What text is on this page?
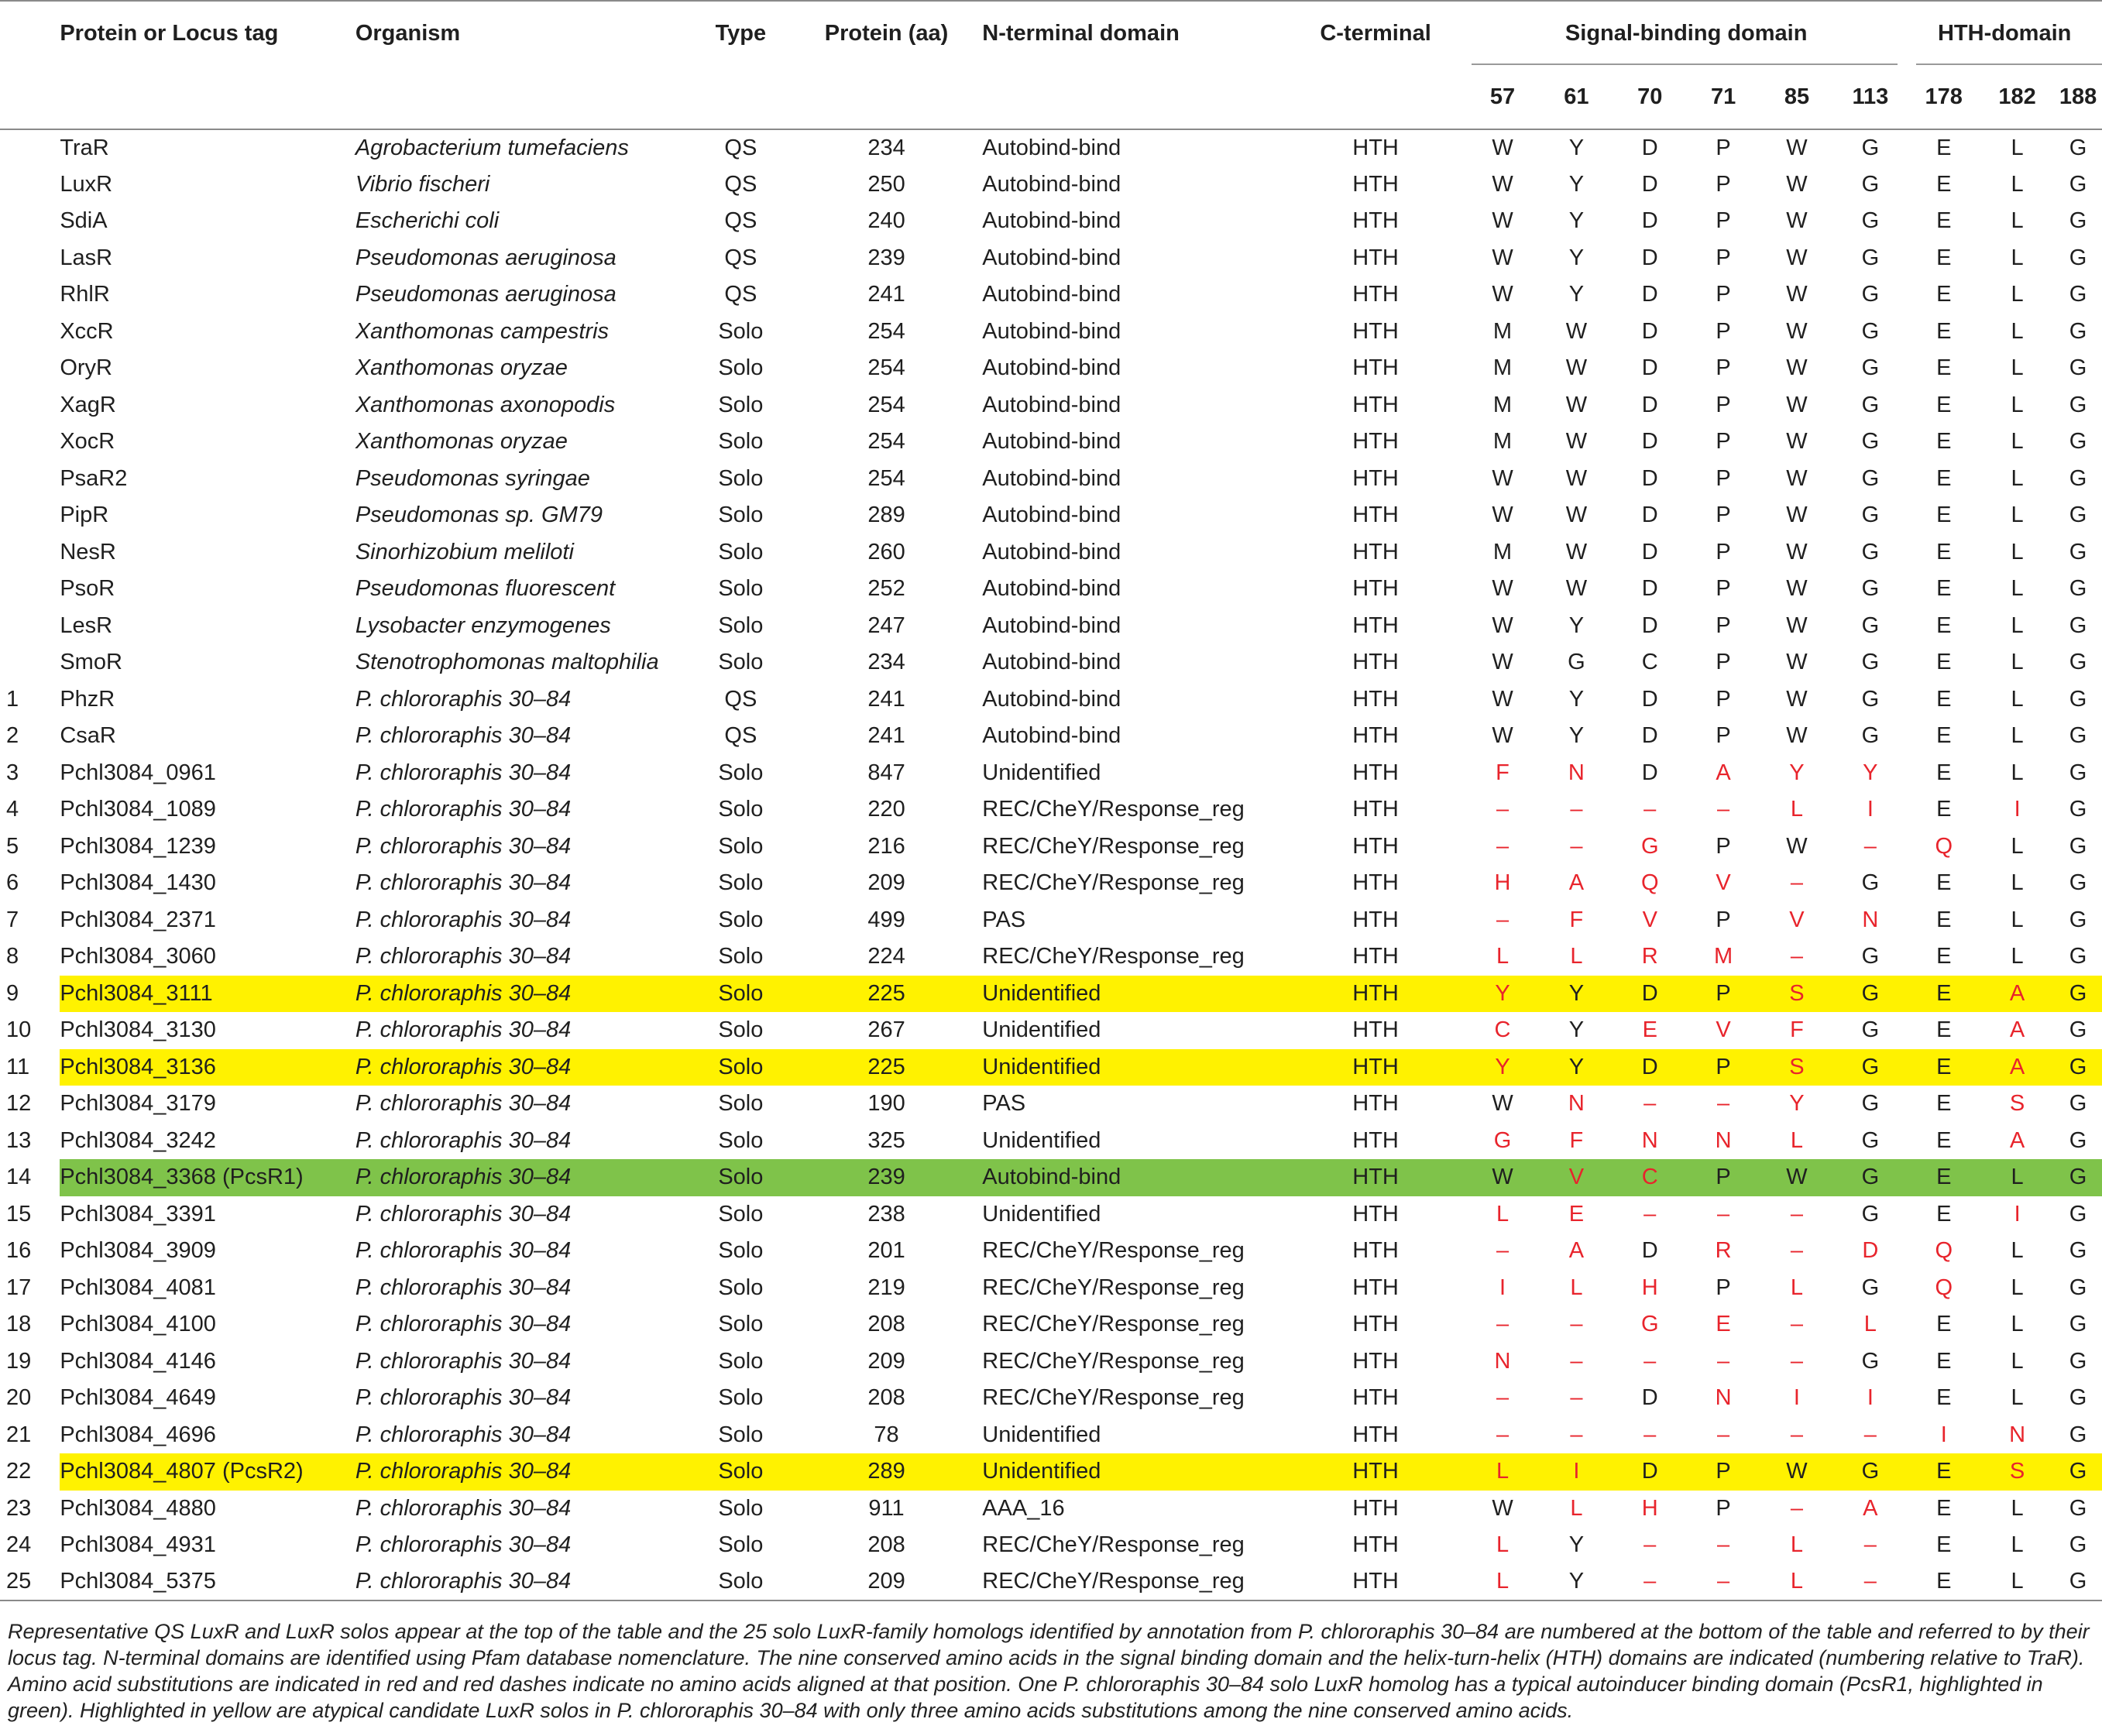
	Protein or Locus tag	Organism	Type	Protein (aa)	N-terminal domain	C-terminal	Signal-binding domain						HTH-domain		
							57	61	70	71	85	113	178	182	188
	TraR	Agrobacterium tumefaciens	QS	234	Autobind-bind	HTH	W	Y	D	P	W	G	E	L	G
	LuxR	Vibrio fischeri	QS	250	Autobind-bind	HTH	W	Y	D	P	W	G	E	L	G
	SdiA	Escherichi coli	QS	240	Autobind-bind	HTH	W	Y	D	P	W	G	E	L	G
	LasR	Pseudomonas aeruginosa	QS	239	Autobind-bind	HTH	W	Y	D	P	W	G	E	L	G
	RhlR	Pseudomonas aeruginosa	QS	241	Autobind-bind	HTH	W	Y	D	P	W	G	E	L	G
	XccR	Xanthomonas campestris	Solo	254	Autobind-bind	HTH	M	W	D	P	W	G	E	L	G
	OryR	Xanthomonas oryzae	Solo	254	Autobind-bind	HTH	M	W	D	P	W	G	E	L	G
	XagR	Xanthomonas axonopodis	Solo	254	Autobind-bind	HTH	M	W	D	P	W	G	E	L	G
	XocR	Xanthomonas oryzae	Solo	254	Autobind-bind	HTH	M	W	D	P	W	G	E	L	G
	PsaR2	Pseudomonas syringae	Solo	254	Autobind-bind	HTH	W	W	D	P	W	G	E	L	G
	PipR	Pseudomonas sp. GM79	Solo	289	Autobind-bind	HTH	W	W	D	P	W	G	E	L	G
	NesR	Sinorhizobium meliloti	Solo	260	Autobind-bind	HTH	M	W	D	P	W	G	E	L	G
	PsoR	Pseudomonas fluorescent	Solo	252	Autobind-bind	HTH	W	W	D	P	W	G	E	L	G
	LesR	Lysobacter enzymogenes	Solo	247	Autobind-bind	HTH	W	Y	D	P	W	G	E	L	G
	SmoR	Stenotrophomonas maltophilia	Solo	234	Autobind-bind	HTH	W	G	C	P	W	G	E	L	G
1	PhzR	P. chlororaphis 30–84	QS	241	Autobind-bind	HTH	W	Y	D	P	W	G	E	L	G
2	CsaR	P. chlororaphis 30–84	QS	241	Autobind-bind	HTH	W	Y	D	P	W	G	E	L	G
3	Pchl3084_0961	P. chlororaphis 30–84	Solo	847	Unidentified	HTH	F	N	D	A	Y	Y	E	L	G
4	Pchl3084_1089	P. chlororaphis 30–84	Solo	220	REC/CheY/Response_reg	HTH	–	–	–	–	L	I	E	I	G
5	Pchl3084_1239	P. chlororaphis 30–84	Solo	216	REC/CheY/Response_reg	HTH	–	–	G	P	W	–	Q	L	G
6	Pchl3084_1430	P. chlororaphis 30–84	Solo	209	REC/CheY/Response_reg	HTH	H	A	Q	V	–	G	E	L	G
7	Pchl3084_2371	P. chlororaphis 30–84	Solo	499	PAS	HTH	–	F	V	P	V	N	E	L	G
8	Pchl3084_3060	P. chlororaphis 30–84	Solo	224	REC/CheY/Response_reg	HTH	L	L	R	M	–	G	E	L	G
9	Pchl3084_3111	P. chlororaphis 30–84	Solo	225	Unidentified	HTH	Y	Y	D	P	S	G	E	A	G
10	Pchl3084_3130	P. chlororaphis 30–84	Solo	267	Unidentified	HTH	C	Y	E	V	F	G	E	A	G
11	Pchl3084_3136	P. chlororaphis 30–84	Solo	225	Unidentified	HTH	Y	Y	D	P	S	G	E	A	G
12	Pchl3084_3179	P. chlororaphis 30–84	Solo	190	PAS	HTH	W	N	–	–	Y	G	E	S	G
13	Pchl3084_3242	P. chlororaphis 30–84	Solo	325	Unidentified	HTH	G	F	N	N	L	G	E	A	G
14	Pchl3084_3368 (PcsR1)	P. chlororaphis 30–84	Solo	239	Autobind-bind	HTH	W	V	C	P	W	G	E	L	G
15	Pchl3084_3391	P. chlororaphis 30–84	Solo	238	Unidentified	HTH	L	E	–	–	–	G	E	I	G
16	Pchl3084_3909	P. chlororaphis 30–84	Solo	201	REC/CheY/Response_reg	HTH	–	A	D	R	–	D	Q	L	G
17	Pchl3084_4081	P. chlororaphis 30–84	Solo	219	REC/CheY/Response_reg	HTH	I	L	H	P	L	G	Q	L	G
18	Pchl3084_4100	P. chlororaphis 30–84	Solo	208	REC/CheY/Response_reg	HTH	–	–	G	E	–	L	E	L	G
19	Pchl3084_4146	P. chlororaphis 30–84	Solo	209	REC/CheY/Response_reg	HTH	N	–	–	–	–	G	E	L	G
20	Pchl3084_4649	P. chlororaphis 30–84	Solo	208	REC/CheY/Response_reg	HTH	–	–	D	N	I	I	E	L	G
21	Pchl3084_4696	P. chlororaphis 30–84	Solo	78	Unidentified	HTH	–	–	–	–	–	–	I	N	G
22	Pchl3084_4807 (PcsR2)	P. chlororaphis 30–84	Solo	289	Unidentified	HTH	L	I	D	P	W	G	E	S	G
23	Pchl3084_4880	P. chlororaphis 30–84	Solo	911	AAA_16	HTH	W	L	H	P	–	A	E	L	G
24	Pchl3084_4931	P. chlororaphis 30–84	Solo	208	REC/CheY/Response_reg	HTH	L	Y	–	–	L	–	E	L	G
25	Pchl3084_5375	P. chlororaphis 30–84	Solo	209	REC/CheY/Response_reg	HTH	L	Y	–	–	L	–	E	L	G

Representative QS LuxR and LuxR solos appear at the top of the table and the 25 solo LuxR-family homologs identified by annotation from P. chlororaphis 30–84 are numbered at the bottom of the table and referred to by their locus tag. N-terminal domains are identified using Pfam database nomenclature. The nine conserved amino acids in the signal binding domain and the helix-turn-helix (HTH) domains are indicated (numbering relative to TraR). Amino acid substitutions are indicated in red and red dashes indicate no amino acids aligned at that position. One P. chlororaphis 30–84 solo LuxR homolog has a typical autoinducer binding domain (PcsR1, highlighted in green). Highlighted in yellow are atypical candidate LuxR solos in P. chlororaphis 30–84 with only three amino acids substitutions among the nine conserved amino acids.
